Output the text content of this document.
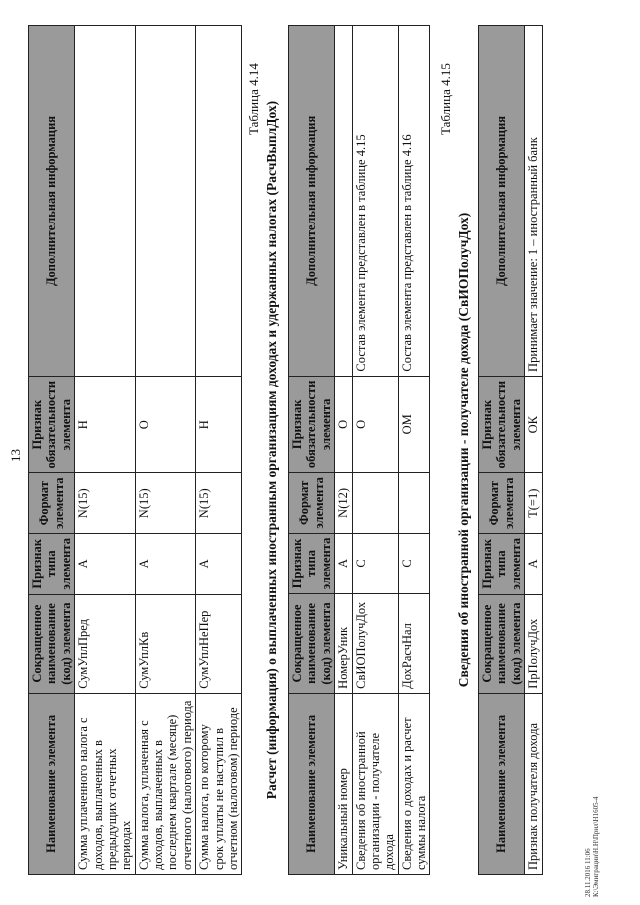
13
Наименование элемента	Сокращенное наименование (код) элемента	Признак типа элемента	Формат элемента	Признак обязательности элемента	Дополнительная информация
Сумма уплаченного налога с доходов, выплаченных в предыдущих отчетных периодах	СумУплПред	А	N(15)	Н	
Сумма налога, уплаченная с доходов, выплаченных в последнем квартале (месяце) отчетного (налогового) периода	СумУплКв	А	N(15)	О	
Сумма налога, по которому срок уплаты не наступил в отчетном (налоговом) периоде	СумУплНеПер	А	N(15)	Н	
Таблица 4.14
Расчет (информация) о выплаченных иностранным организациям доходах и удержанных налогах (РасчВыплДох) Наименование элемента	Сокращенное наименование (код) элемента	Признак типа элемента	Формат элемента	Признак обязательности элемента	Дополнительная информация
Уникальный номер	НомерУник	А	N(12)	О	
Сведения об иностранной организации - получателе дохода	СвИОПолучДох	С		О	Состав элемента представлен в таблице 4.15
Сведения о доходах и расчет суммы налога	ДохРасчНал	С		ОМ	Состав элемента представлен в таблице 4.16
Таблица 4.15
Сведения об иностранной организации - получателе дохода (СвИОПолучДох)
Наименование элемента	Сокращенное наименование (код) элемента	Признак типа элемента	Формат элемента	Признак обязательности элемента	Дополнительная информация
Признак получателя дохода	ПрПолучДох	А	Т(=1)	ОК	Принимает значение: 1 – иностранный банк
28.11.2016 11:06 К:\Эмиграции\Н.Н\Прил\Н1605-4
